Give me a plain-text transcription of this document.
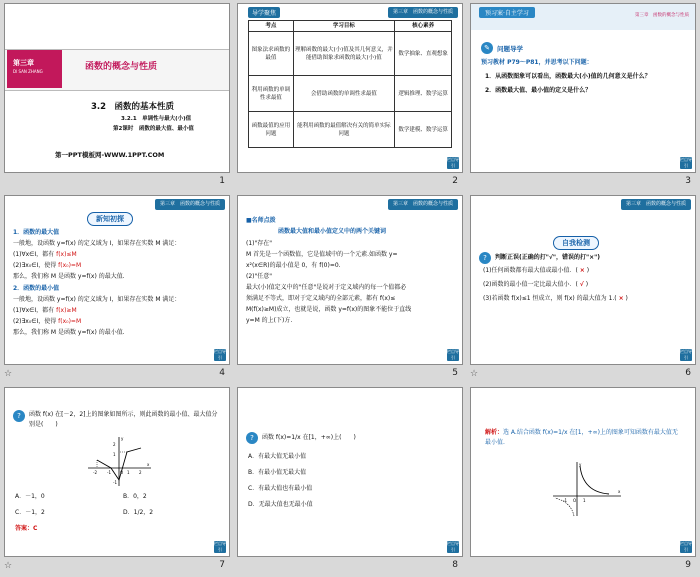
第三章
DI SAN ZHANG	函数的概念与性质
3.2　函数的基本性质
3.2.1　单调性与最大(小)值
第2课时　函数的最大值、最小值
第一PPT模板网-WWW.1PPT.COM
1
第三章　函数的概念与性质
导学聚焦
考点	学习目标	核心素养
图象法求函数的最值	理解函数的最大(小)值及其几何意义，并能借助图象求函数的最大(小)值	数学抽象、直观想象
利用函数的单调性求最值	会借助函数的单调性求最值	逻辑推理、数学运算
函数最值的应用问题	能利用函数的最值解决有关的简单实际问题	数学建模、数学运算
栏目导引
2
预习案·自主学习	第三章　函数的概念与性质
✎	问题导学
预习教材 P79～P81，并思考以下问题：
1．从函数图象可以看出，函数最大(小)值的几何意义是什么？
2．函数最大值、最小值的定义是什么？
栏目导引
3
第三章　函数的概念与性质
新知初探
1．函数的最大值
一般地，设函数 y=f(x) 的定义域为 I，如果存在实数 M 满足：
(1)∀x∈I，都有 f(x)≤M
(2)∃x₀∈I，使得 f(x₀)=M
那么，我们称 M 是函数 y=f(x) 的最大值.
2．函数的最小值
一般地，设函数 y=f(x) 的定义域为 I，如果存在实数 M 满足：
(1)∀x∈I，都有 f(x)≥M
(2)∃x₀∈I，使得 f(x₀)=M
那么，我们称 M 是函数 y=f(x) 的最小值.
栏目导引
☆	4
第三章　函数的概念与性质
■名师点拨
函数最大值和最小值定义中的两个关键词
(1)"存在"
M 首先是一个函数值，它是值域中的一个元素.如函数 y=
x²(x∈R)的最小值是 0，有 f(0)=0.
(2)"任意"
最大(小)值定义中的"任意"是说对于定义域内的每一个值都必
须满足不等式，即对于定义域内的全部元素，都有 f(x)≤
M(f(x)≥M)成立，也就是说，函数 y=f(x)的图象不能位于直线
y=M 的上(下)方.
栏目导引
5
第三章　函数的概念与性质
自我检测
?	判断正误(正确的打"√"，错误的打"×")
(1)任何函数都有最大值或最小值．( × )
(2)函数的最小值一定比最大值小．( √ )
(3)若函数 f(x)≤1 恒成立，则 f(x) 的最大值为 1.( × )
栏目导引
☆	6
?	函数 f(x) 在[－2，2]上的图象如图所示，则此函数的最小值、最大值分别是(　　)
2
1
-2	-1 O 1 2
x
y
-1
A．－1，0	B．0，2
C．－1，2	D．1/2，2
答案：C
栏目导引
☆	7
?	函数 f(x)=1/x 在[1，+∞)上(　　)
A．有最大值无最小值
B．有最小值无最大值
C．有最大值也有最小值
D．无最大值也无最小值
栏目导引
8
解析：选 A.结合函数 f(x)=1/x 在[1，+∞)上的图象可知函数有最大值无最小值.
y
x
O 1
-1
栏目导引
9
